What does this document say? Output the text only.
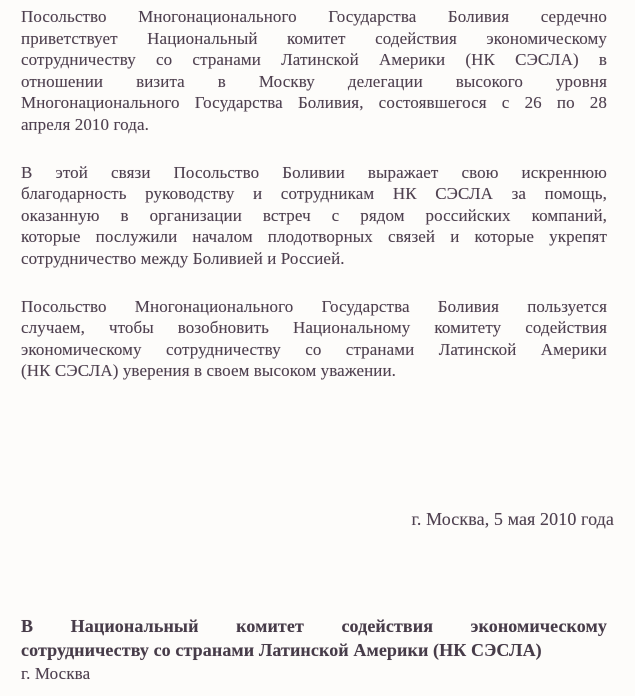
Посольство Многонационального Государства Боливия сердечно
приветствует Национальный комитет содействия экономическому
сотрудничеству со странами Латинской Америки (НК СЭСЛА) в
отношении визита в Москву делегации высокого уровня
Многонационального Государства Боливия, состоявшегося с 26 по 28
апреля 2010 года.
В этой связи Посольство Боливии выражает свою искреннюю
благодарность руководству и сотрудникам НК СЭСЛА за помощь,
оказанную в организации встреч с рядом российских компаний,
которые послужили началом плодотворных связей и которые укрепят
сотрудничество между Боливией и Россией.
Посольство Многонационального Государства Боливия пользуется
случаем, чтобы возобновить Национальному комитету содействия
экономическому сотрудничеству со странами Латинской Америки
(НК СЭСЛА) уверения в своем высоком уважении.
г. Москва, 5 мая 2010 года
В Национальный комитет содействия экономическому
сотрудничеству со странами Латинской Америки (НК СЭСЛА)
г. Москва
